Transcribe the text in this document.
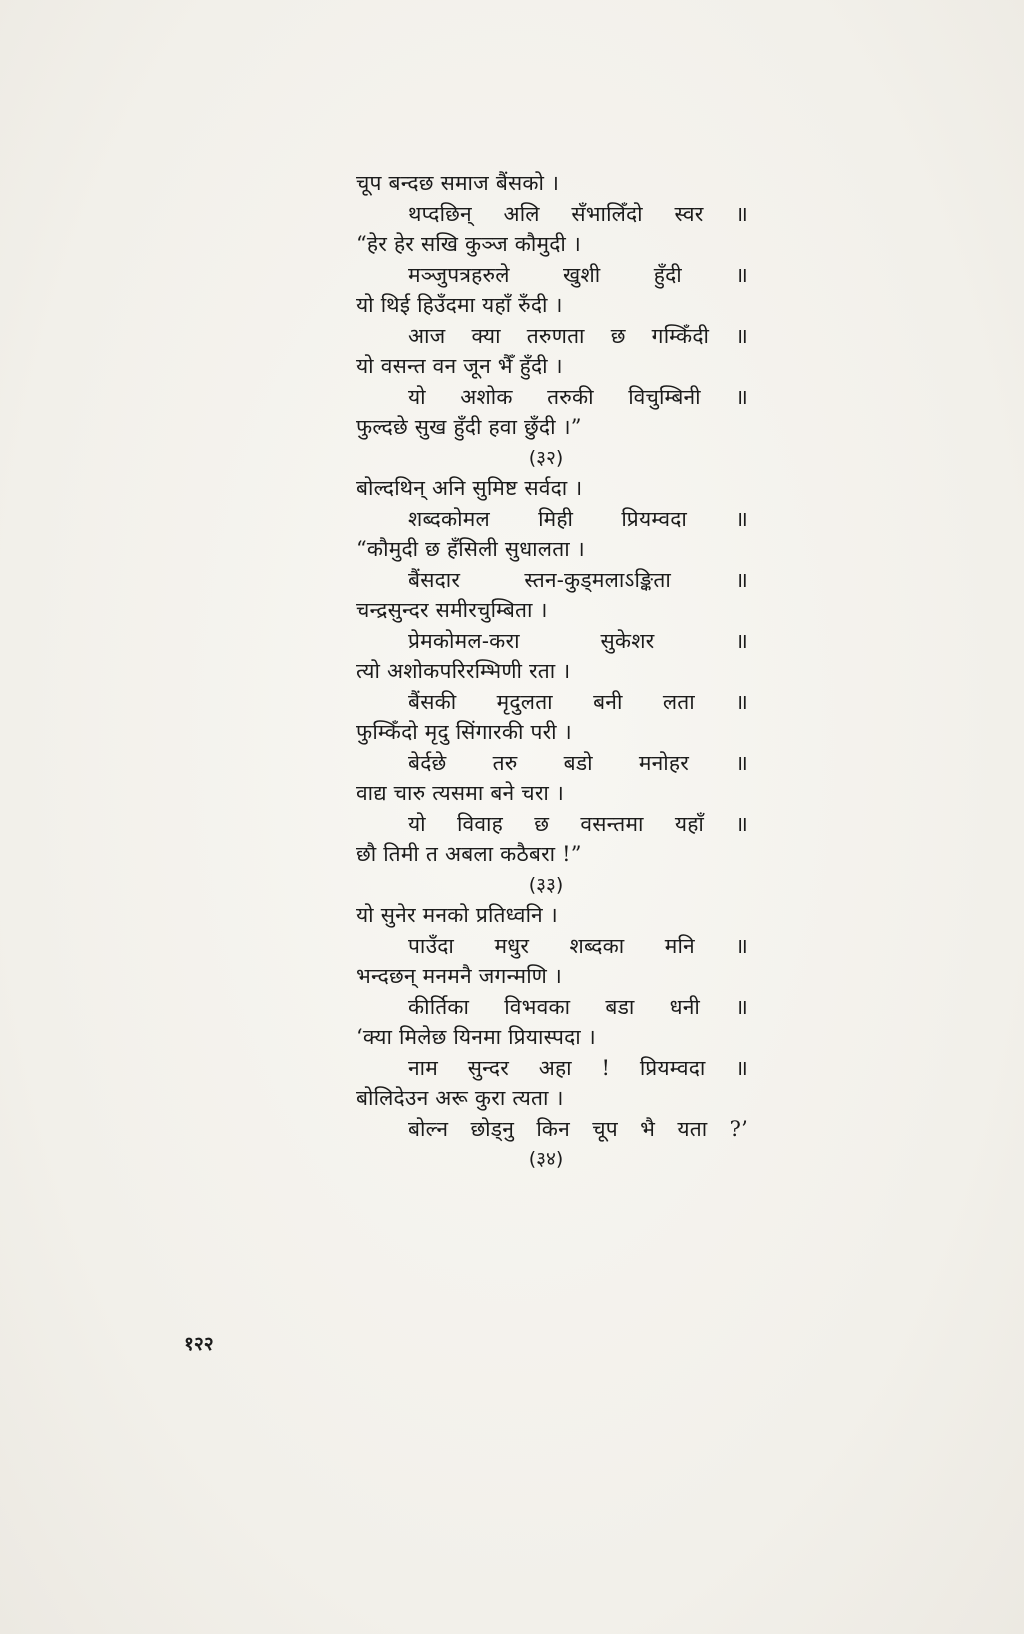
चूप बन्दछ समाज बैंसको ।
थप्दछिन् अलि सँभालिँदो स्वर ॥
“हेर हेर सखि कुञ्ज कौमुदी ।
मञ्जुपत्रहरुले खुशी हुँदी ॥
यो थिई हिउँदमा यहाँ रुँदी ।
आज क्या तरुणता छ गम्किँदी ॥
यो वसन्त वन जून भैँ हुँदी ।
यो अशोक तरुकी विचुम्बिनी ॥
फुल्दछे सुख हुँदी हवा छुँदी ।”
(३२)
बोल्दथिन् अनि सुमिष्ट सर्वदा ।
शब्दकोमल मिही प्रियम्वदा ॥
“कौमुदी छ हँसिली सुधालता ।
बैंसदार स्तन-कुड्मलाऽङ्किता ॥
चन्द्रसुन्दर समीरचुम्बिता ।
प्रेमकोमल-करा सुकेशर ॥
त्यो अशोकपरिरम्भिणी रता ।
बैंसकी मृदुलता बनी लता ॥
फुम्किँदो मृदु सिंगारकी परी ।
बेर्दछे तरु बडो मनोहर ॥
वाद्य चारु त्यसमा बने चरा ।
यो विवाह छ वसन्तमा यहाँ ॥
छौ तिमी त अबला कठैबरा !”
(३३)
यो सुनेर मनको प्रतिध्वनि ।
पाउँदा मधुर शब्दका मनि ॥
भन्दछन् मनमनै जगन्मणि ।
कीर्तिका विभवका बडा धनी ॥
‘क्या मिलेछ यिनमा प्रियास्पदा ।
नाम सुन्दर अहा ! प्रियम्वदा ॥
बोलिदेउन अरू कुरा त्यता ।
बोल्न छोड्नु किन चूप भै यता ?’
(३४)
१२२
